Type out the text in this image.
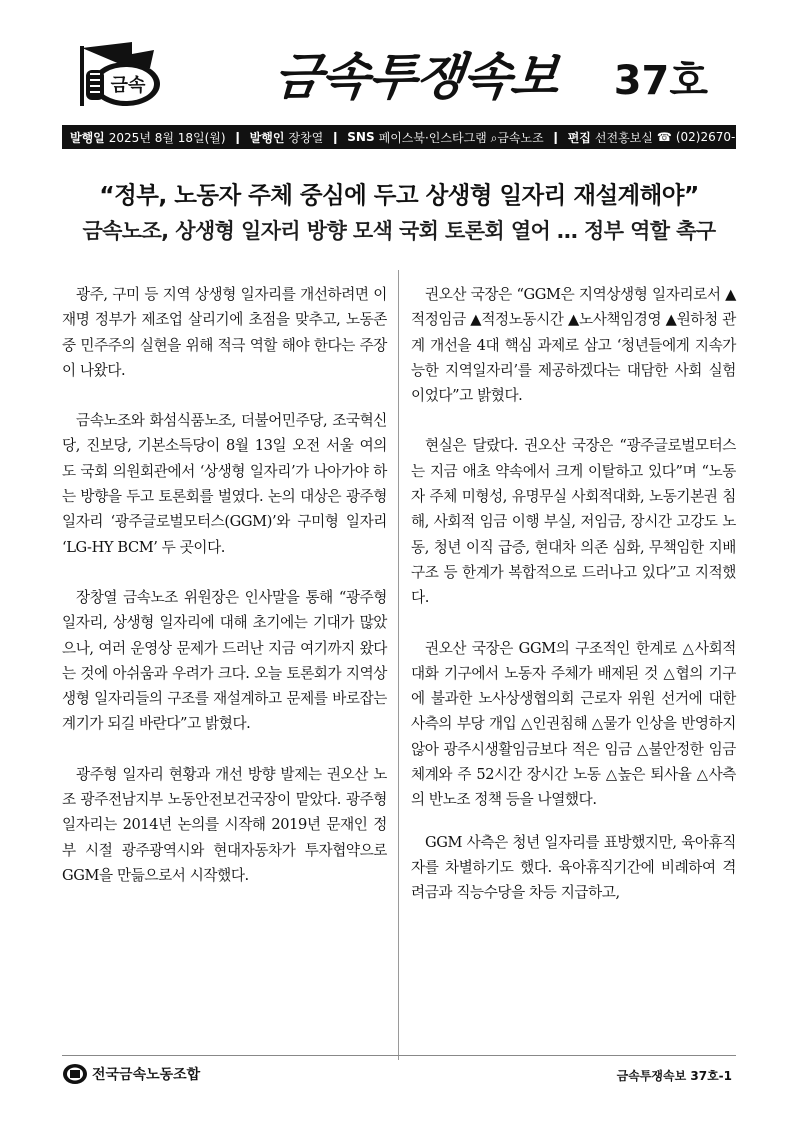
금속	금속투쟁속보 37호
발행일 2025년 8월 18일(월) ❙ 발행인 장창열 ❙ SNS 페이스북·인스타그램 ⌕금속노조 ❙ 편집 선전홍보실 ☎ (02)2670-9507
“정부, 노동자 주체 중심에 두고 상생형 일자리 재설계해야”
금속노조, 상생형 일자리 방향 모색 국회 토론회 열어 … 정부 역할 촉구

광주, 구미 등 지역 상생형 일자리를 개선하려면 이재명 정부가 제조업 살리기에 초점을 맞추고, 노동존중 민주주의 실현을 위해 적극 역할 해야 한다는 주장이 나왔다.

금속노조와 화섬식품노조, 더불어민주당, 조국혁신당, 진보당, 기본소득당이 8월 13일 오전 서울 여의도 국회 의원회관에서 ‘상생형 일자리’가 나아가야 하는 방향을 두고 토론회를 벌였다. 논의 대상은 광주형 일자리 ‘광주글로벌모터스(GGM)’와 구미형 일자리 ‘LG-HY BCM’ 두 곳이다.

장창열 금속노조 위원장은 인사말을 통해 “광주형 일자리, 상생형 일자리에 대해 초기에는 기대가 많았으나, 여러 운영상 문제가 드러난 지금 여기까지 왔다는 것에 아쉬움과 우려가 크다. 오늘 토론회가 지역상생형 일자리들의 구조를 재설계하고 문제를 바로잡는 계기가 되길 바란다”고 밝혔다.

광주형 일자리 현황과 개선 방향 발제는 권오산 노조 광주전남지부 노동안전보건국장이 맡았다. 광주형 일자리는 2014년 논의를 시작해 2019년 문재인 정부 시절 광주광역시와 현대자동차가 투자협약으로 GGM을 만듦으로서 시작했다.

권오산 국장은 “GGM은 지역상생형 일자리로서 ▲적정임금 ▲적정노동시간 ▲노사책임경영 ▲원하청 관계 개선을 4대 핵심 과제로 삼고 ‘청년들에게 지속가능한 지역일자리’를 제공하겠다는 대담한 사회 실험이었다”고 밝혔다.

현실은 달랐다. 권오산 국장은 “광주글로벌모터스는 지금 애초 약속에서 크게 이탈하고 있다”며 “노동자 주체 미형성, 유명무실 사회적대화, 노동기본권 침해, 사회적 임금 이행 부실, 저임금, 장시간 고강도 노동, 청년 이직 급증, 현대차 의존 심화, 무책임한 지배구조 등 한계가 복합적으로 드러나고 있다”고 지적했다.

권오산 국장은 GGM의 구조적인 한계로 △사회적 대화 기구에서 노동자 주체가 배제된 것 △협의 기구에 불과한 노사상생협의회 근로자 위원 선거에 대한 사측의 부당 개입 △인권침해 △물가 인상을 반영하지 않아 광주시생활임금보다 적은 임금 △불안정한 임금체계와 주 52시간 장시간 노동 △높은 퇴사율 △사측의 반노조 정책 등을 나열했다.

GGM 사측은 청년 일자리를 표방했지만, 육아휴직자를 차별하기도 했다. 육아휴직기간에 비례하여 격려금과 직능수당을 차등 지급하고,

전국금속노동조합	금속투쟁속보 37호-1
